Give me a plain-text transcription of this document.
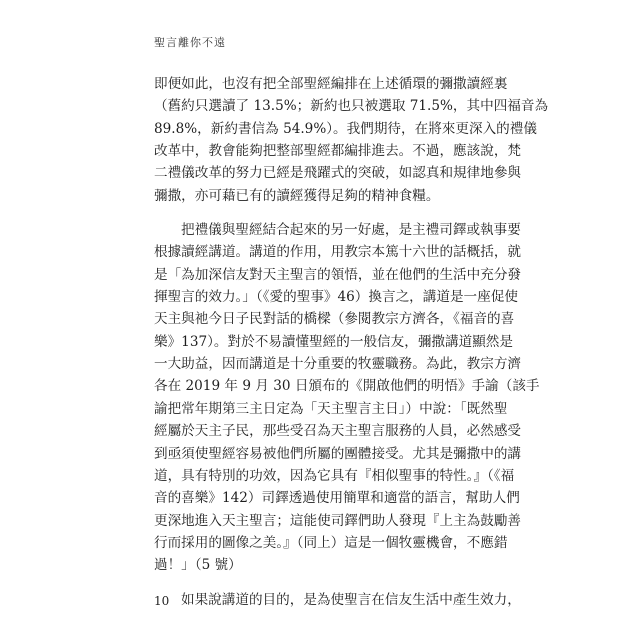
聖言離你不遠

即便如此，也沒有把全部聖經編排在上述循環的彌撒讀經裏
（舊約只選讀了 13.5%；新約也只被選取 71.5%，其中四福音為
89.8%，新約書信為 54.9%）。我們期待，在將來更深入的禮儀
改革中，教會能夠把整部聖經都編排進去。不過，應該說，梵
二禮儀改革的努力已經是飛躍式的突破，如認真和規律地參與
彌撒，亦可藉已有的讀經獲得足夠的精神食糧。

把禮儀與聖經結合起來的另一好處，是主禮司鐸或執事要
根據讀經講道。講道的作用，用教宗本篤十六世的話概括，就
是「為加深信友對天主聖言的領悟，並在他們的生活中充分發
揮聖言的效力。」（《愛的聖事》46）換言之，講道是一座促使
天主與祂今日子民對話的橋樑（參閱教宗方濟各，《福音的喜
樂》137）。對於不易讀懂聖經的一般信友，彌撒講道顯然是
一大助益，因而講道是十分重要的牧靈職務。為此，教宗方濟
各在 2019 年 9 月 30 日頒布的《開啟他們的明悟》手諭（該手
諭把常年期第三主日定為「天主聖言主日」）中說：「既然聖
經屬於天主子民，那些受召為天主聖言服務的人員，必然感受
到亟須使聖經容易被他們所屬的團體接受。尤其是彌撒中的講
道，具有特別的功效，因為它具有『相似聖事的特性。』（《福
音的喜樂》142）司鐸透過使用簡單和適當的語言，幫助人們
更深地進入天主聖言；這能使司鐸們助人發現『上主為鼓勵善
行而採用的圖像之美。』（同上）這是一個牧靈機會，不應錯
過！」（5 號）

如果說講道的目的，是為使聖言在信友生活中產生效力，

10
